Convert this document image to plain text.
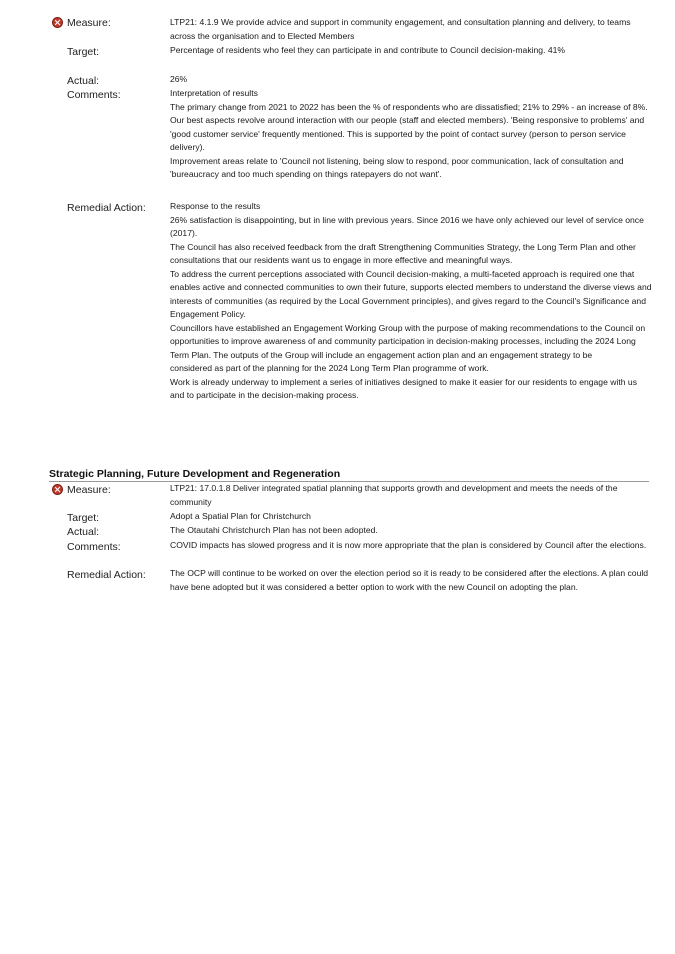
Measure:	LTP21: 4.1.9 We provide advice and support in community engagement, and consultation planning and delivery, to teams across the organisation and to Elected Members
Target:	Percentage of residents who feel they can participate in and contribute to Council decision-making. 41%
Actual:	26%
Comments:	Interpretation of results

The primary change from 2021 to 2022 has been the % of respondents who are dissatisfied; 21% to 29% - an increase of 8%.

Our best aspects revolve around interaction with our people (staff and elected members). 'Being responsive to problems' and 'good customer service' frequently mentioned. This is supported by the point of contact survey (person to person service delivery).

Improvement areas relate to 'Council not listening, being slow to respond, poor communication, lack of consultation and 'bureaucracy and too much spending on things ratepayers do not want'.

Remedial Action:	Response to the results

26% satisfaction is disappointing, but in line with previous years. Since 2016 we have only achieved our level of service once (2017).

The Council has also received feedback from the draft Strengthening Communities Strategy, the Long Term Plan and other consultations that our residents want us to engage in more effective and meaningful ways.

To address the current perceptions associated with Council decision-making, a multi-faceted approach is required one that enables active and connected communities to own their future, supports elected members to understand the diverse views and interests of communities (as required by the Local Government principles), and gives regard to the Council's Significance and Engagement Policy.

Councillors have established an Engagement Working Group with the purpose of making recommendations to the Council on opportunities to improve awareness of and community participation in decision-making processes, including the 2024 Long Term Plan. The outputs of the Group will include an engagement action plan and an engagement strategy to be

considered as part of the planning for the 2024 Long Term Plan programme of work.

Work is already underway to implement a series of initiatives designed to make it easier for our residents to engage with us and to participate in the decision-making process.

Strategic Planning, Future Development and Regeneration
Measure:	LTP21: 17.0.1.8 Deliver integrated spatial planning that supports growth and development and meets the needs of the community
Target:	Adopt a Spatial Plan for Christchurch
Actual:	The Otautahi Christchurch Plan has not been adopted.
Comments:	COVID impacts has slowed progress and it is now more appropriate that the plan is considered by Council after the elections.
Remedial Action:	The OCP will continue to be worked on over the election period so it is ready to be considered after the elections. A plan could have bene adopted but it was considered a better option to work with the new Council on adopting the plan.
